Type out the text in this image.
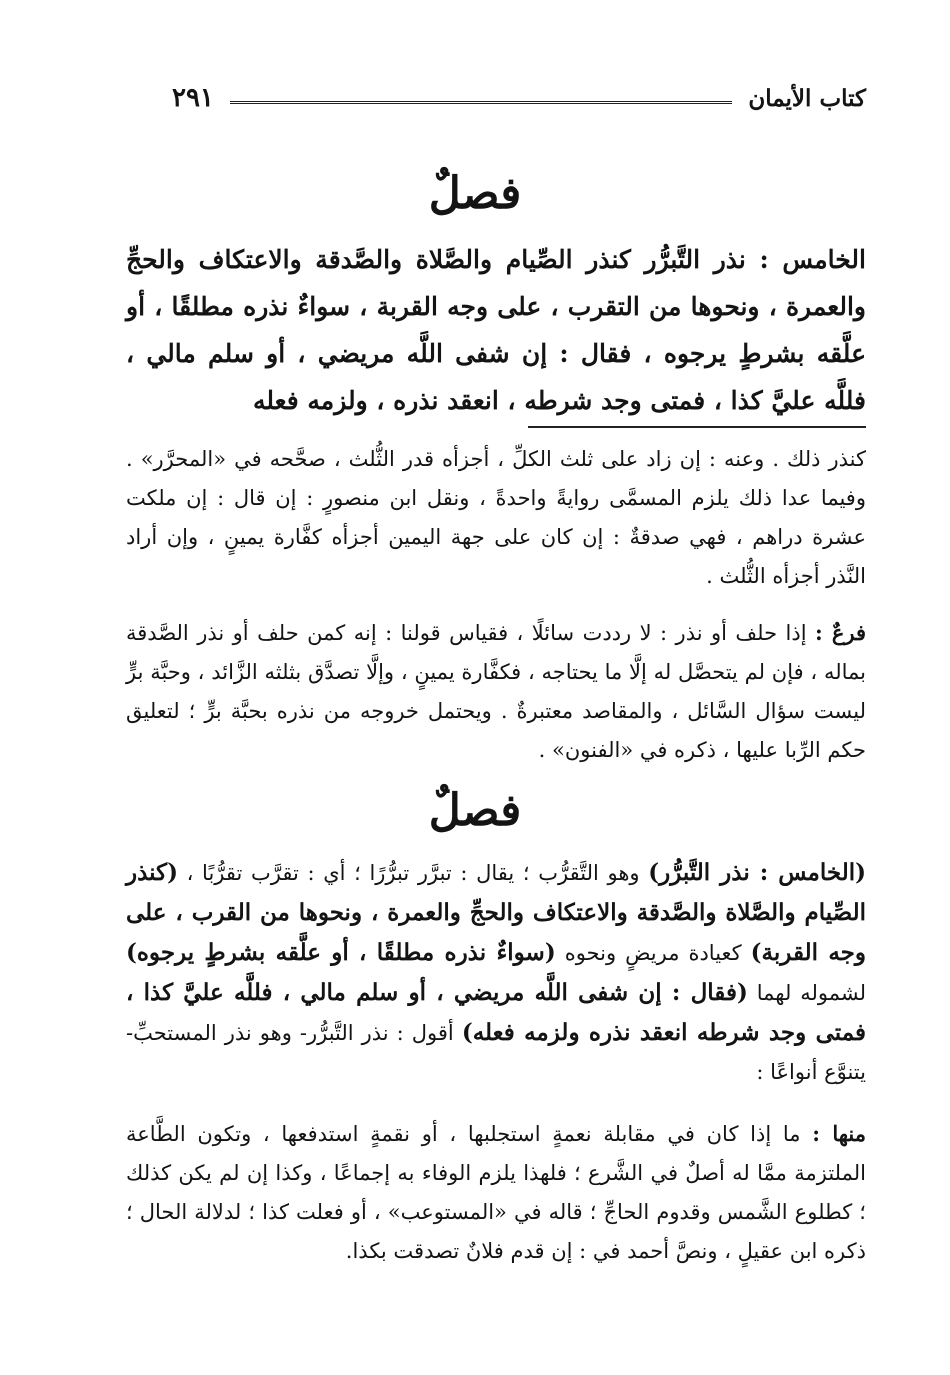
كتاب الأيمان
٢٩١
فصلٌ
الخامس : نذر التَّبرُّر كنذر الصِّيام والصَّلاة والصَّدقة والاعتكاف والحجِّ والعمرة ، ونحوها من التقرب ، على وجه القربة ، سواءٌ نذره مطلقًا ، أو علَّقه بشرطٍ يرجوه ، فقال : إن شفى اللَّه مريضي ، أو سلم مالي ، فللَّه عليَّ كذا ، فمتى وجد شرطه ، انعقد نذره ، ولزمه فعله
كنذر ذلك . وعنه : إن زاد على ثلث الكلِّ ، أجزأه قدر الثُّلث ، صحَّحه في «المحرَّر» . وفيما عدا ذلك يلزم المسمَّى روايةً واحدةً ، ونقل ابن منصورٍ : إن قال : إن ملكت عشرة دراهم ، فهي صدقةٌ : إن كان على جهة اليمين أجزأه كفَّارة يمينٍ ، وإن أراد النَّذر أجزأه الثُّلث .
فرعٌ : إذا حلف أو نذر : لا رددت سائلًا ، فقياس قولنا : إنه كمن حلف أو نذر الصَّدقة بماله ، فإن لم يتحصَّل له إلَّا ما يحتاجه ، فكفَّارة يمينٍ ، وإلَّا تصدَّق بثلثه الزَّائد ، وحبَّة برٍّ ليست سؤال السَّائل ، والمقاصد معتبرةٌ . ويحتمل خروجه من نذره بحبَّة برٍّ ؛ لتعليق حكم الرِّبا عليها ، ذكره في «الفنون» .
فصلٌ
(الخامس : نذر التَّبرُّر) وهو التَّقرُّب ؛ يقال : تبرَّر تبرُّرًا ؛ أي : تقرَّب تقرُّبًا ، (كنذر الصِّيام والصَّلاة والصَّدقة والاعتكاف والحجِّ والعمرة ، ونحوها من القرب ، على وجه القربة) كعيادة مريضٍ ونحوه (سواءٌ نذره مطلقًا ، أو علَّقه بشرطٍ يرجوه) لشموله لهما (فقال : إن شفى اللَّه مريضي ، أو سلم مالي ، فللَّه عليَّ كذا ، فمتى وجد شرطه انعقد نذره ولزمه فعله) أقول : نذر التَّبرُّر- وهو نذر المستحبِّ- يتنوَّع أنواعًا :
منها : ما إذا كان في مقابلة نعمةٍ استجلبها ، أو نقمةٍ استدفعها ، وتكون الطَّاعة الملتزمة ممَّا له أصلٌ في الشَّرع ؛ فلهذا يلزم الوفاء به إجماعًا ، وكذا إن لم يكن كذلك ؛ كطلوع الشَّمس وقدوم الحاجِّ ؛ قاله في «المستوعب» ، أو فعلت كذا ؛ لدلالة الحال ؛ ذكره ابن عقيلٍ ، ونصَّ أحمد في : إن قدم فلانٌ تصدقت بكذا.
